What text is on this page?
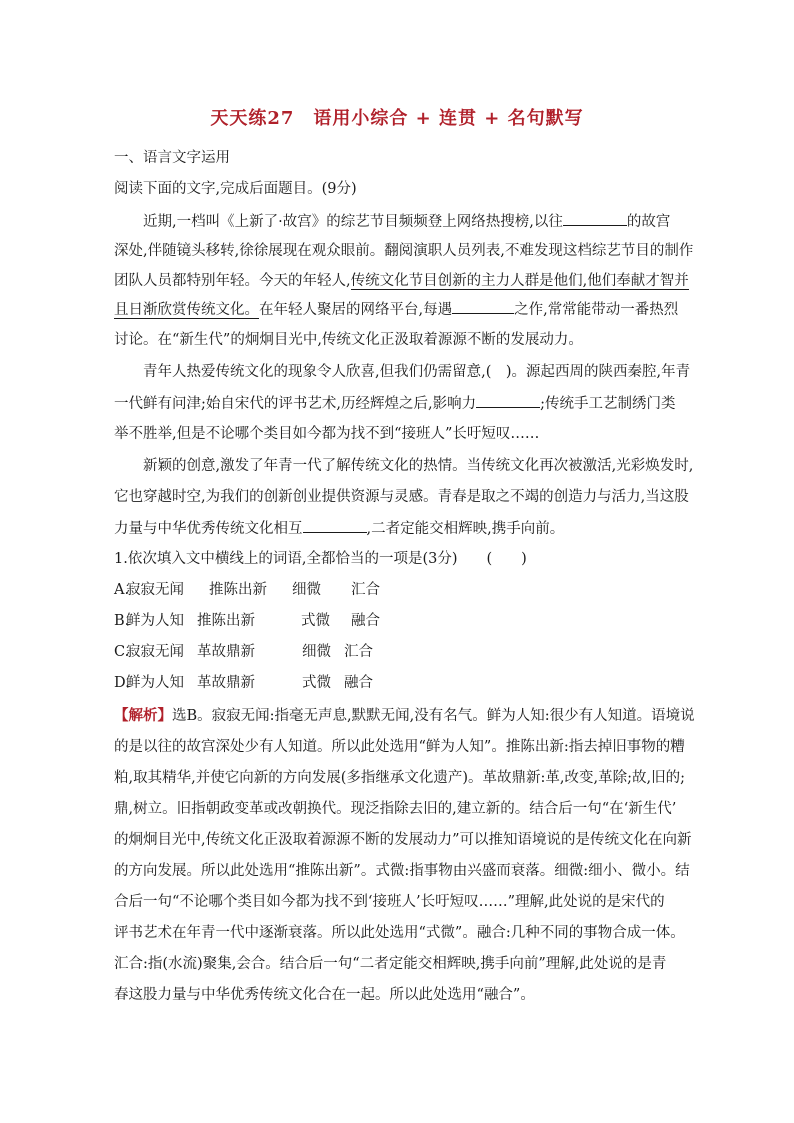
天天练27　语用小综合 + 连贯 + 名句默写
一、语言文字运用
阅读下面的文字,完成后面题目。(9分)
近期,一档叫《上新了·故宫》的综艺节目频频登上网络热搜榜,以往	的故宫
深处,伴随镜头移转,徐徐展现在观众眼前。翻阅演职人员列表,不难发现这档综艺节目的制作
团队人员都特别年轻。今天的年轻人,传统文化节目创新的主力人群是他们,他们奉献才智并
且日渐欣赏传统文化。在年轻人聚居的网络平台,每遇	之作,常常能带动一番热烈
讨论。在“新生代”的炯炯目光中,传统文化正汲取着源源不断的发展动力。
青年人热爱传统文化的现象令人欣喜,但我们仍需留意,(　)。源起西周的陕西秦腔,年青
一代鲜有问津;始自宋代的评书艺术,历经辉煌之后,影响力	;传统手工艺制绣门类
举不胜举,但是不论哪个类目如今都为找不到“接班人”长吁短叹……
新颖的创意,激发了年青一代了解传统文化的热情。当传统文化再次被激活,光彩焕发时,
它也穿越时空,为我们的创新创业提供资源与灵感。青春是取之不竭的创造力与活力,当这股
力量与中华优秀传统文化相互	,二者定能交相辉映,携手向前。
1.依次填入文中横线上的词语,全都恰当的一项是(3分)　　(　　)
A.寂寂无闻 推陈出新 细微 汇合
B.鲜为人知 推陈出新	式微 融合
C.寂寂无闻 革故鼎新	细微 汇合
D.鲜为人知 革故鼎新	式微 融合
【解析】选B。寂寂无闻:指毫无声息,默默无闻,没有名气。鲜为人知:很少有人知道。语境说
的是以往的故宫深处少有人知道。所以此处选用“鲜为人知”。推陈出新:指去掉旧事物的糟
粕,取其精华,并使它向新的方向发展(多指继承文化遗产)。革故鼎新:革,改变,革除;故,旧的;
鼎,树立。旧指朝政变革或改朝换代。现泛指除去旧的,建立新的。结合后一句“在‘新生代’
的炯炯目光中,传统文化正汲取着源源不断的发展动力”可以推知语境说的是传统文化在向新
的方向发展。所以此处选用“推陈出新”。式微:指事物由兴盛而衰落。细微:细小、微小。结
合后一句“不论哪个类目如今都为找不到‘接班人’长吁短叹……”理解,此处说的是宋代的
评书艺术在年青一代中逐渐衰落。所以此处选用“式微”。融合:几种不同的事物合成一体。
汇合:指(水流)聚集,会合。结合后一句“二者定能交相辉映,携手向前”理解,此处说的是青
春这股力量与中华优秀传统文化合在一起。所以此处选用“融合”。
